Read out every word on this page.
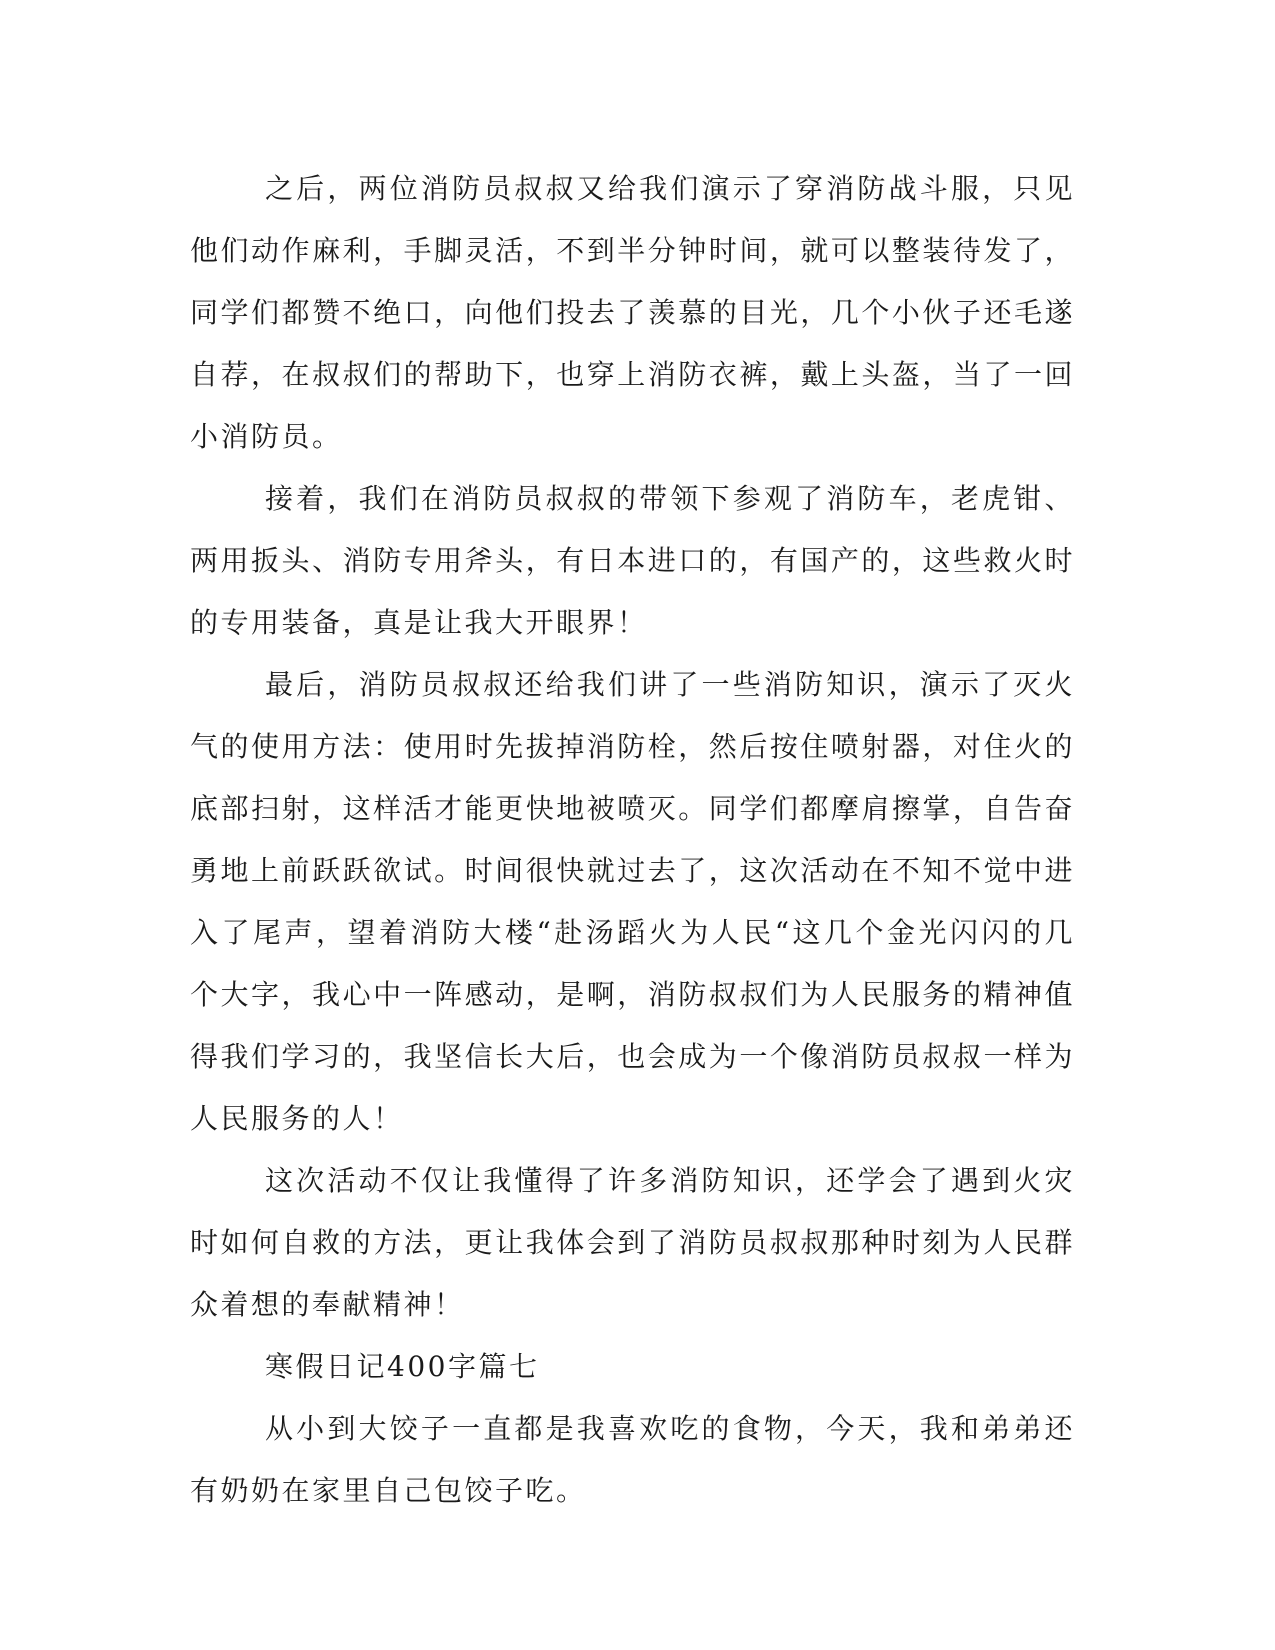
之后，两位消防员叔叔又给我们演示了穿消防战斗服，只见他们动作麻利，手脚灵活，不到半分钟时间，就可以整装待发了，同学们都赞不绝口，向他们投去了羡慕的目光，几个小伙子还毛遂自荐，在叔叔们的帮助下，也穿上消防衣裤，戴上头盔，当了一回小消防员。

接着，我们在消防员叔叔的带领下参观了消防车，老虎钳、两用扳头、消防专用斧头，有日本进口的，有国产的，这些救火时的专用装备，真是让我大开眼界！

最后，消防员叔叔还给我们讲了一些消防知识，演示了灭火气的使用方法：使用时先拔掉消防栓，然后按住喷射器，对住火的底部扫射，这样活才能更快地被喷灭。同学们都摩肩擦掌，自告奋勇地上前跃跃欲试。时间很快就过去了，这次活动在不知不觉中进入了尾声，望着消防大楼“赴汤蹈火为人民“这几个金光闪闪的几个大字，我心中一阵感动，是啊，消防叔叔们为人民服务的精神值得我们学习的，我坚信长大后，也会成为一个像消防员叔叔一样为人民服务的人！

这次活动不仅让我懂得了许多消防知识，还学会了遇到火灾时如何自救的方法，更让我体会到了消防员叔叔那种时刻为人民群众着想的奉献精神！

寒假日记400字篇七

从小到大饺子一直都是我喜欢吃的食物，今天，我和弟弟还有奶奶在家里自己包饺子吃。
